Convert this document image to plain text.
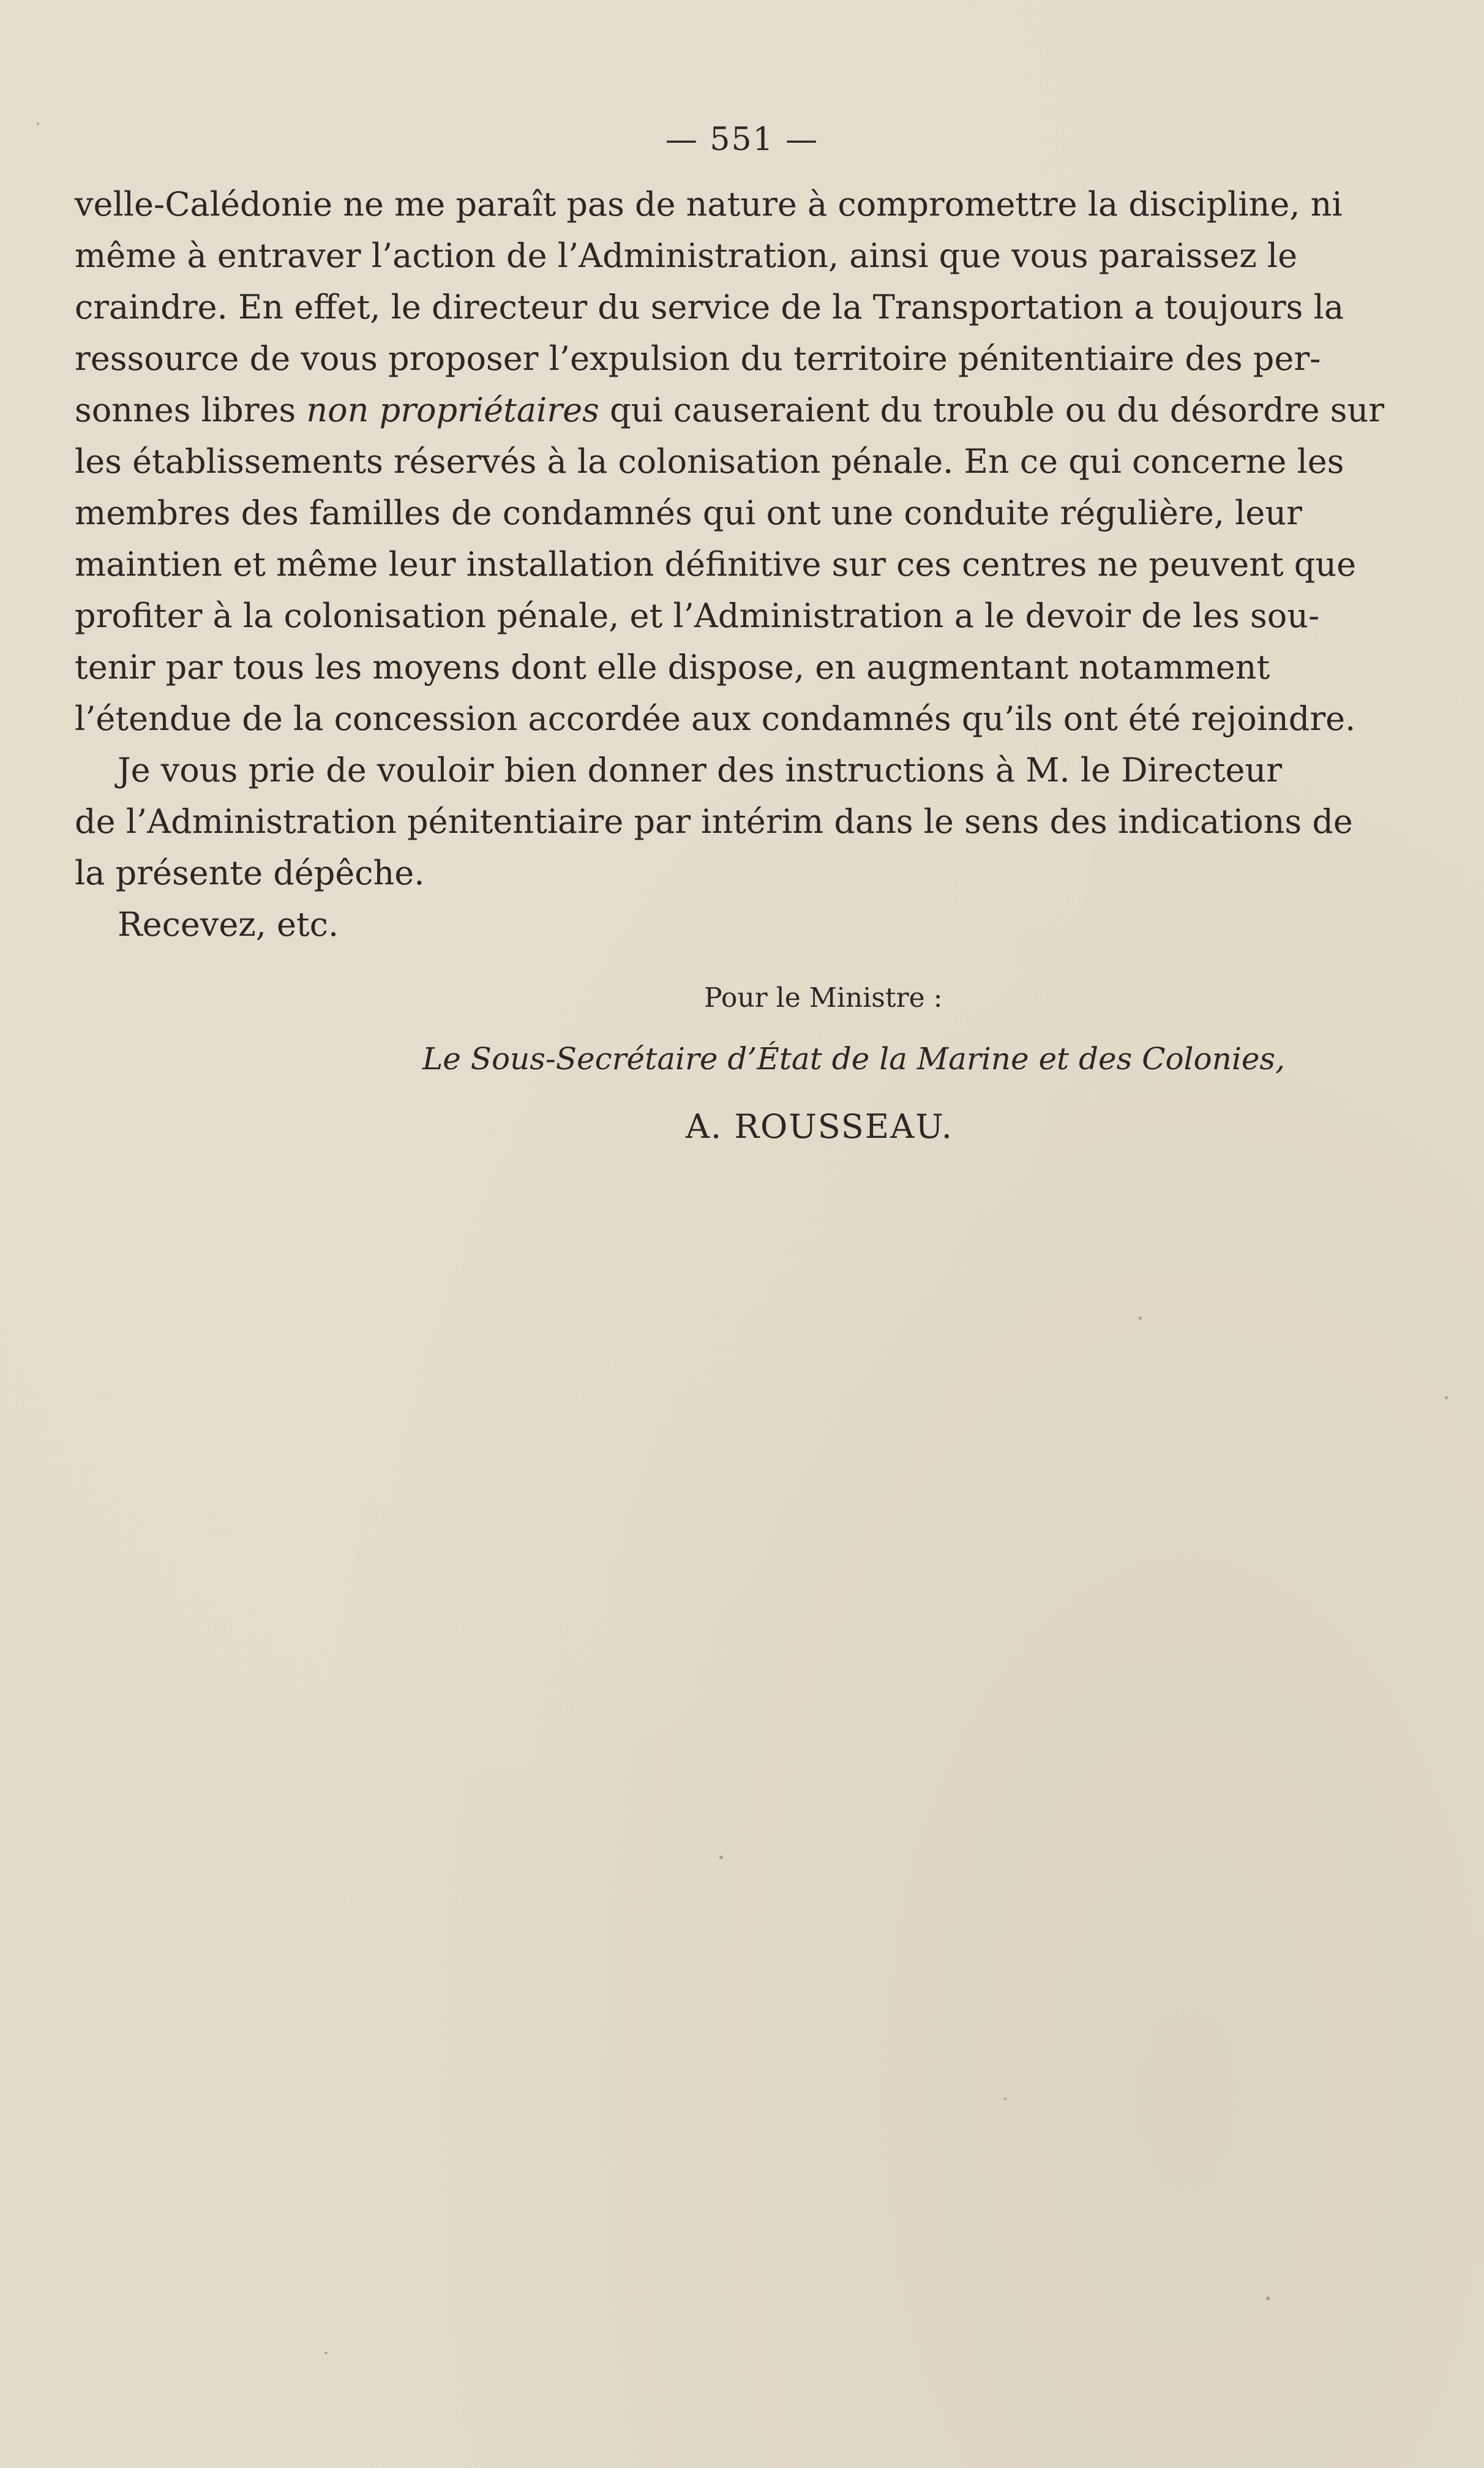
— 551 —
velle-Calédonie ne me paraît pas de nature à compromettre la discipline, ni
même à entraver l’action de l’Administration, ainsi que vous paraissez le
craindre. En effet, le directeur du service de la Transportation a toujours la
ressource de vous proposer l’expulsion du territoire pénitentiaire des per-
sonnes libres non propriétaires qui causeraient du trouble ou du désordre sur
les établissements réservés à la colonisation pénale. En ce qui concerne les
membres des familles de condamnés qui ont une conduite régulière, leur
maintien et même leur installation définitive sur ces centres ne peuvent que
profiter à la colonisation pénale, et l’Administration a le devoir de les sou-
tenir par tous les moyens dont elle dispose, en augmentant notamment
l’étendue de la concession accordée aux condamnés qu’ils ont été rejoindre.
Je vous prie de vouloir bien donner des instructions à M. le Directeur
de l’Administration pénitentiaire par intérim dans le sens des indications de
la présente dépêche.
Recevez, etc.
Pour le Ministre :
Le Sous-Secrétaire d’État de la Marine et des Colonies,
A. ROUSSEAU.
